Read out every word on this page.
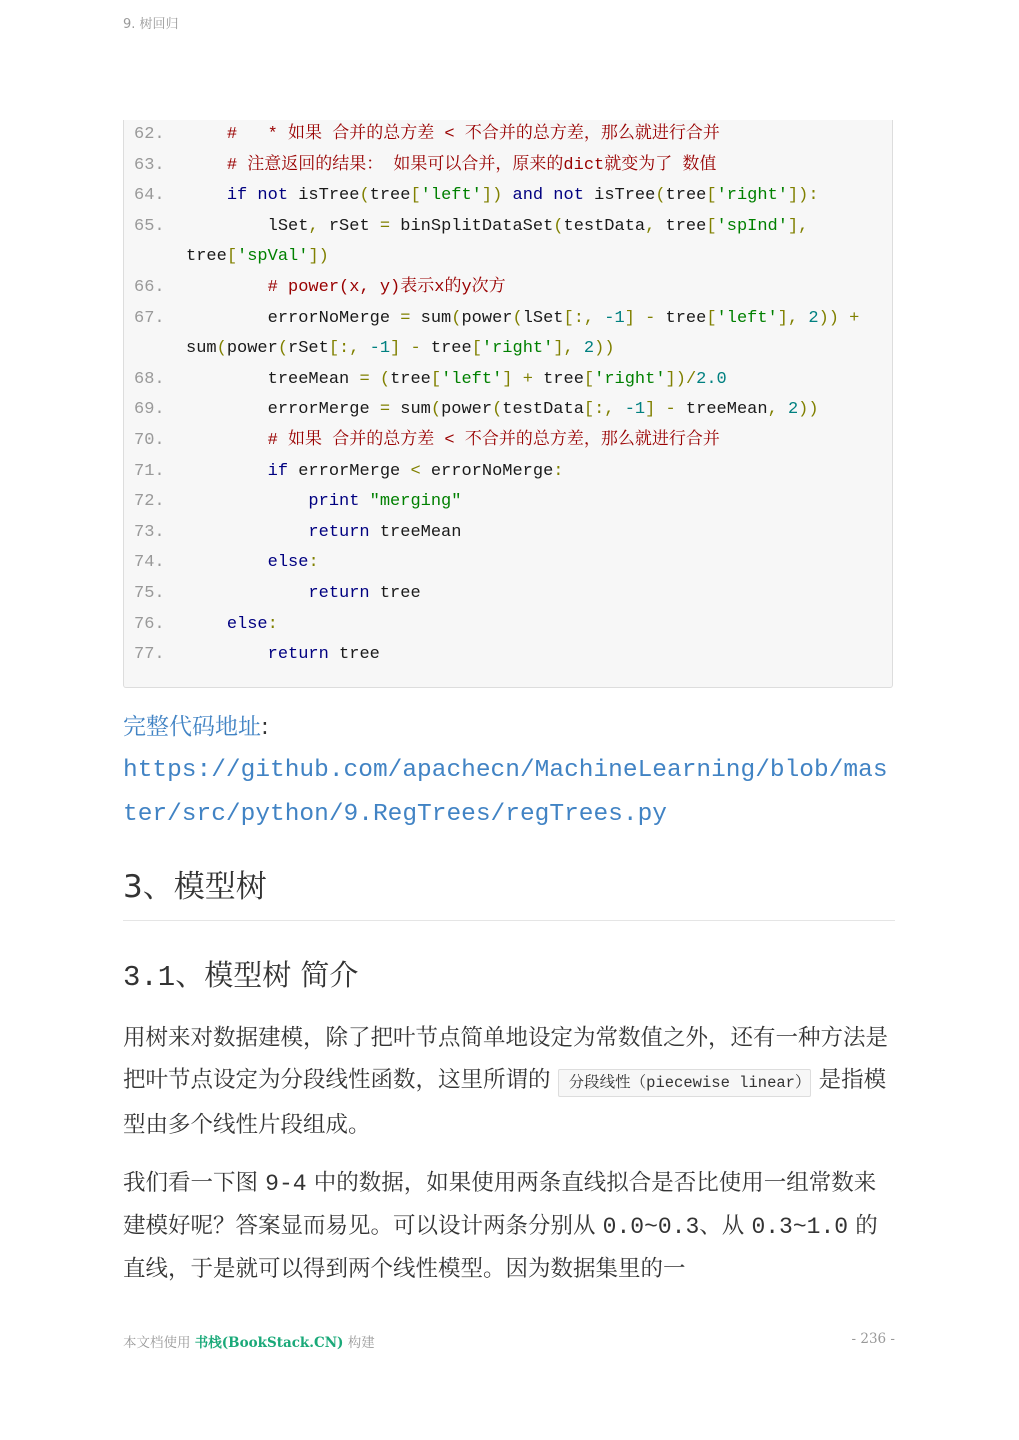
9. 树回归
62.	#   * 如果 合并的总方差 < 不合并的总方差，那么就进行合并
63.	# 注意返回的结果： 如果可以合并，原来的dict就变为了 数值
64.	if not isTree(tree['left']) and not isTree(tree['right']):
65.	lSet, rSet = binSplitDataSet(testData, tree['spInd'],
tree['spVal'])
66.	# power(x, y)表示x的y次方
67.	errorNoMerge = sum(power(lSet[:, -1] - tree['left'], 2)) +
sum(power(rSet[:, -1] - tree['right'], 2))
68.	treeMean = (tree['left'] + tree['right'])/2.0
69.	errorMerge = sum(power(testData[:, -1] - treeMean, 2))
70.	# 如果 合并的总方差 < 不合并的总方差，那么就进行合并
71.	if errorMerge < errorNoMerge:
72.	print "merging"
73.	return treeMean
74.	else:
75.	return tree
76.	else:
77.	return tree
完整代码地址:
https://github.com/apachecn/MachineLearning/blob/master/src/python/9.RegTrees/regTrees.py
3、模型树
3.1、模型树 简介
用树来对数据建模，除了把叶节点简单地设定为常数值之外，还有一种方法是把叶节点设定为分段线性函数，这里所谓的 分段线性（piecewise linear） 是指模型由多个线性片段组成。
我们看一下图 9-4 中的数据，如果使用两条直线拟合是否比使用一组常数来建模好呢？答案显而易见。可以设计两条分别从 0.0~0.3、从 0.3~1.0 的直线，于是就可以得到两个线性模型。因为数据集里的一
本文档使用 书栈(BookStack.CN) 构建	- 236 -
